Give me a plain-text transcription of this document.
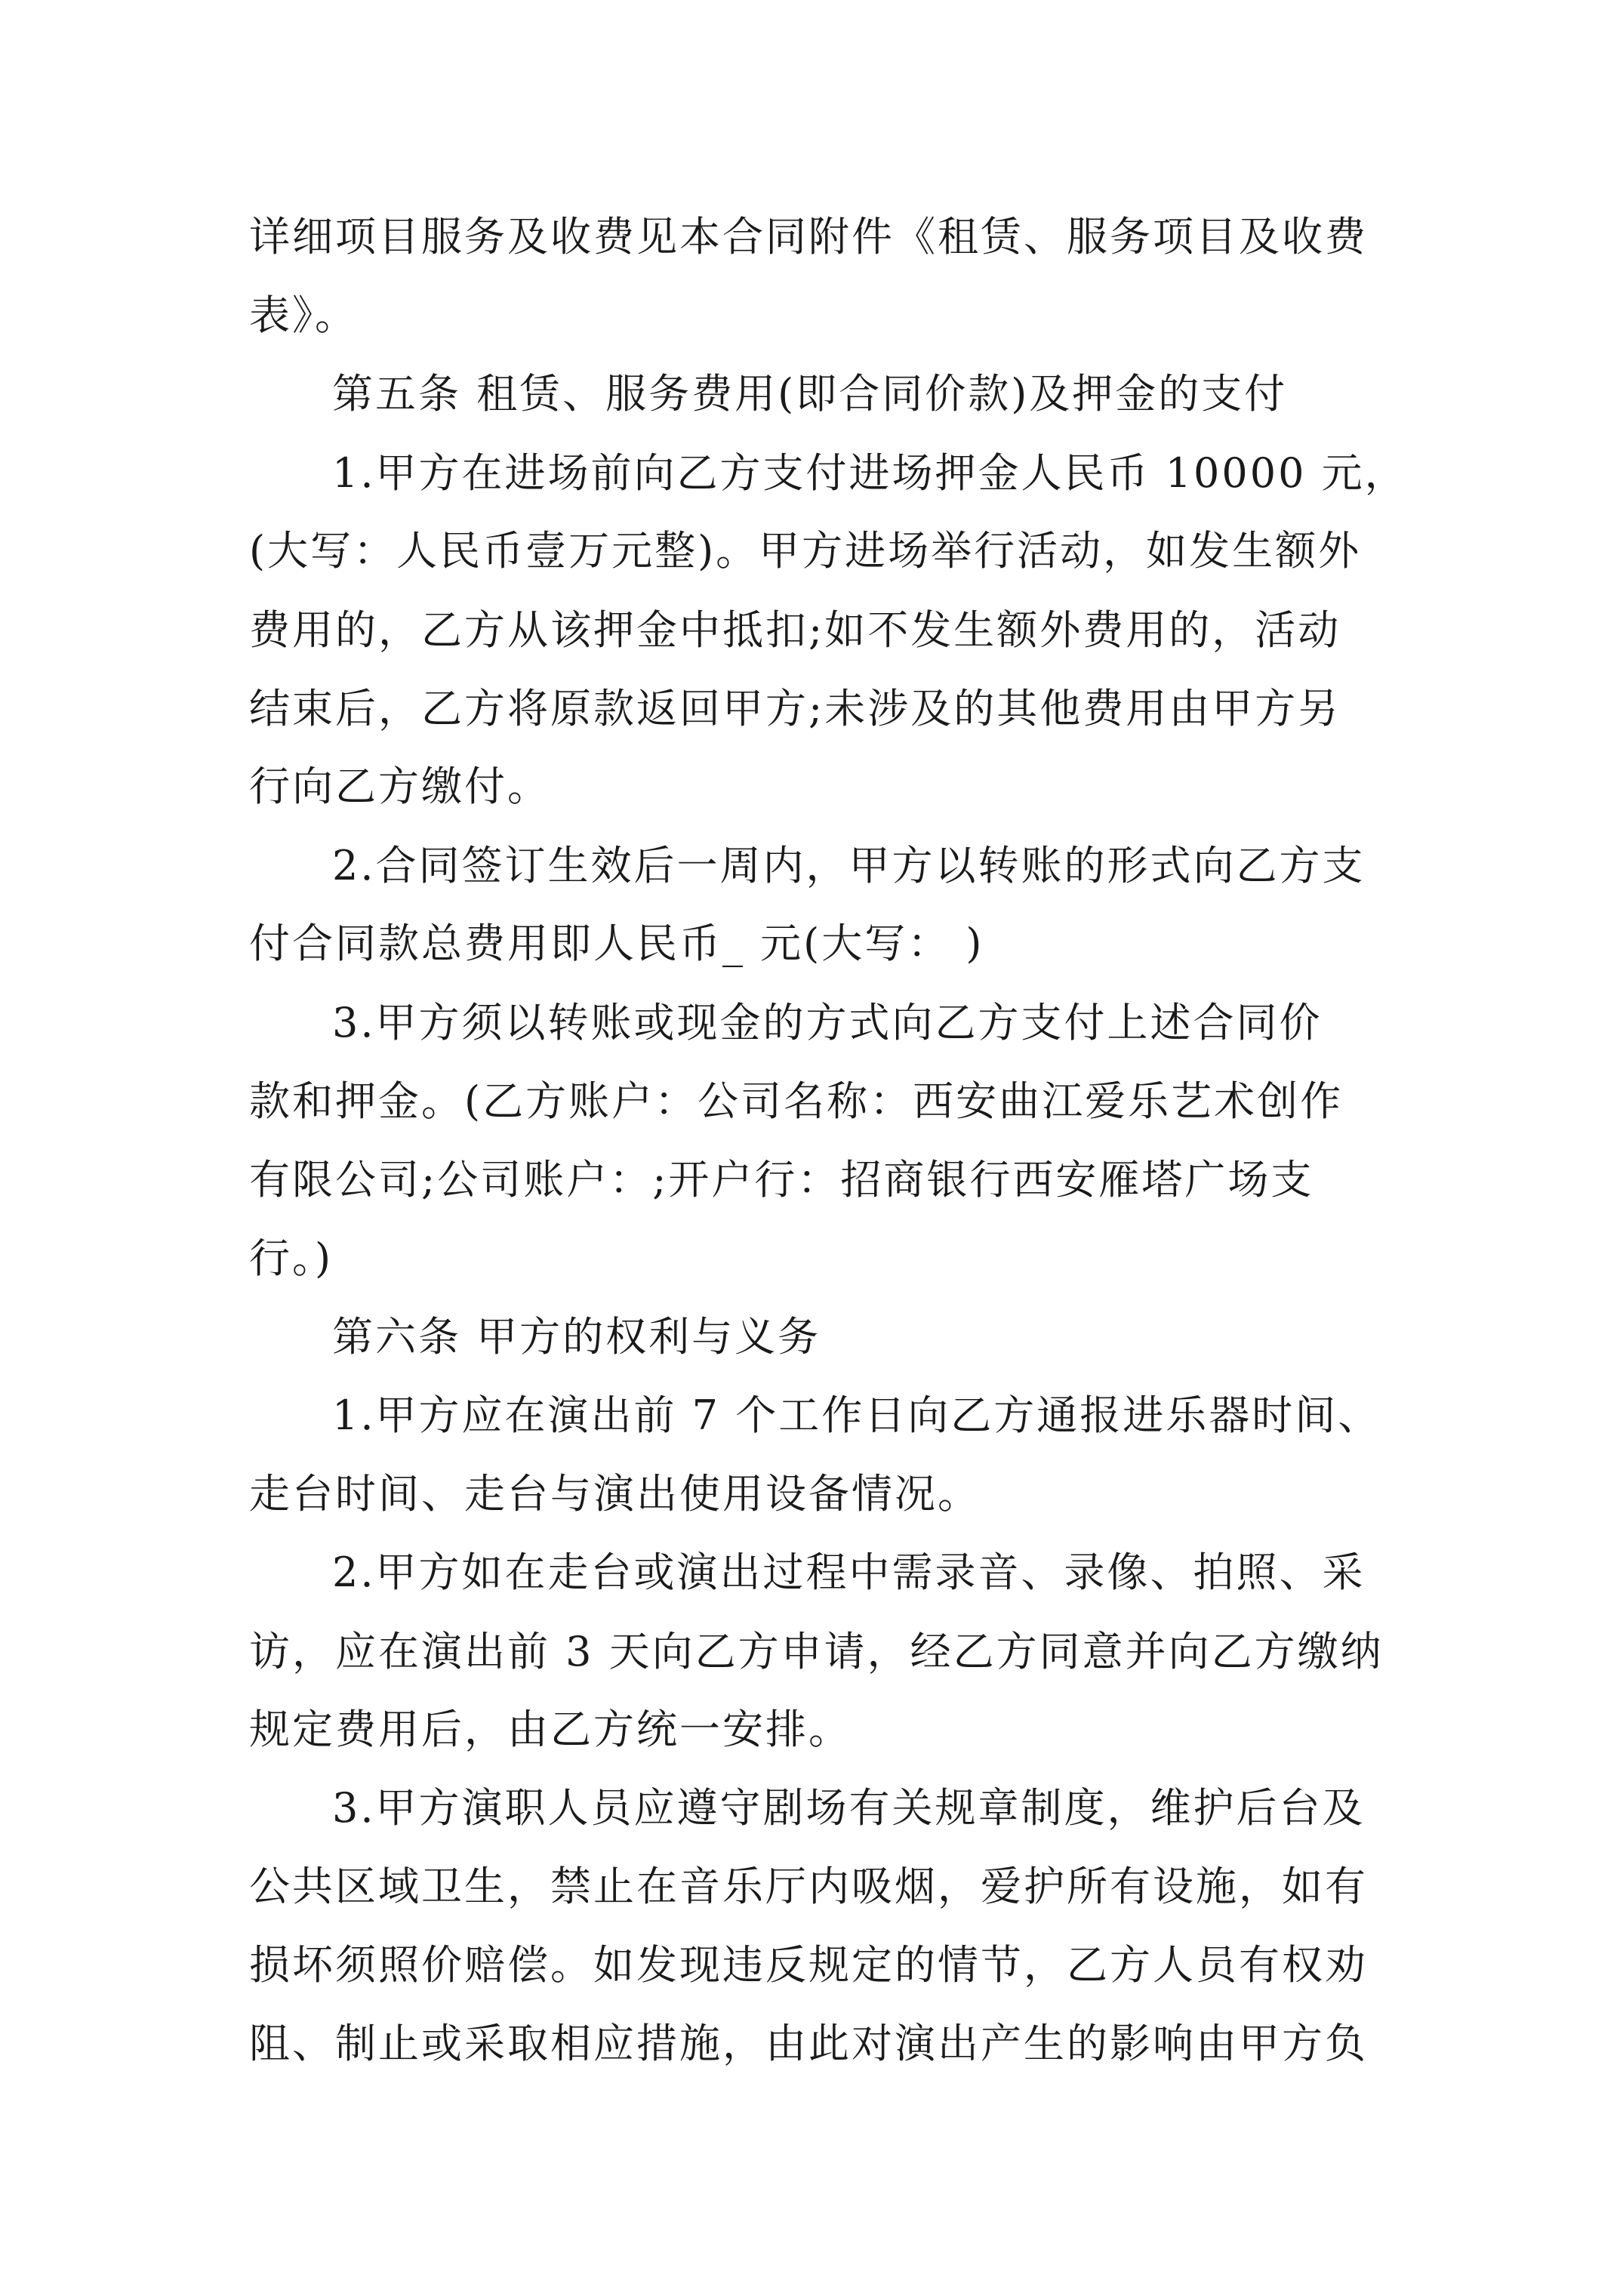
详细项目服务及收费见本合同附件《租赁、服务项目及收费
表》。
第五条 租赁、服务费用(即合同价款)及押金的支付
1.甲方在进场前向乙方支付进场押金人民币 10000 元，
(大写：人民币壹万元整)。甲方进场举行活动，如发生额外
费用的，乙方从该押金中抵扣;如不发生额外费用的，活动
结束后，乙方将原款返回甲方;未涉及的其他费用由甲方另
行向乙方缴付。
2.合同签订生效后一周内，甲方以转账的形式向乙方支
付合同款总费用即人民币_ 元(大写： )
3.甲方须以转账或现金的方式向乙方支付上述合同价
款和押金。(乙方账户：公司名称：西安曲江爱乐艺术创作
有限公司;公司账户：;开户行：招商银行西安雁塔广场支
行。)
第六条 甲方的权利与义务
1.甲方应在演出前 7 个工作日向乙方通报进乐器时间、
走台时间、走台与演出使用设备情况。
2.甲方如在走台或演出过程中需录音、录像、拍照、采
访，应在演出前 3 天向乙方申请，经乙方同意并向乙方缴纳
规定费用后，由乙方统一安排。
3.甲方演职人员应遵守剧场有关规章制度，维护后台及
公共区域卫生，禁止在音乐厅内吸烟，爱护所有设施，如有
损坏须照价赔偿。如发现违反规定的情节，乙方人员有权劝
阻、制止或采取相应措施，由此对演出产生的影响由甲方负
